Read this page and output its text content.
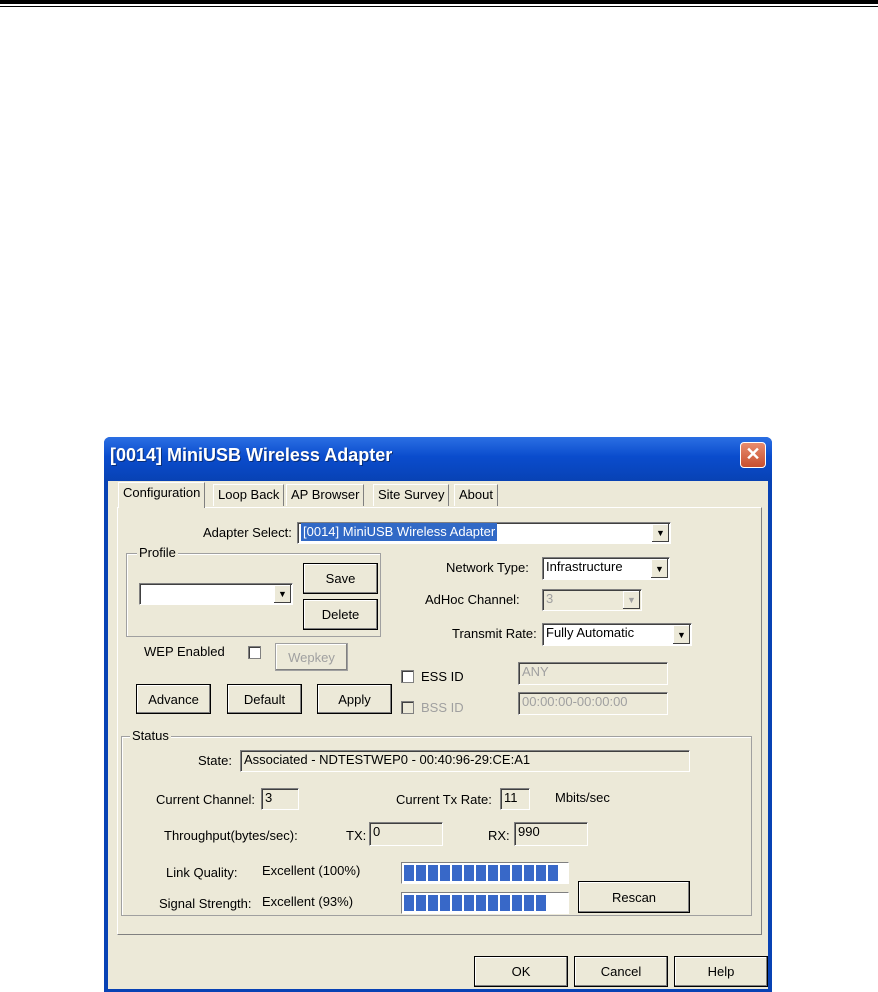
[0014] MiniUSB Wireless Adapter	✕
Configuration	Loop Back AP Browser	Site Survey	About
Adapter Select: [0014] MiniUSB Wireless Adapter	▼
Profile
▼
Save
Delete
Network Type:	Infrastructure	▼
AdHoc Channel:	3	▼
Transmit Rate: Fully Automatic	▼
WEP Enabled	Wepkey
ESS ID	ANY
BSS ID	00:00:00-00:00:00
Advance	Default	Apply
Status
State: Associated - NDTESTWEP0 - 00:40:96-29:CE:A1
Current Channel: 3	Current Tx Rate: 11	Mbits/sec
Throughput(bytes/sec):	TX: 0	RX: 990
Link Quality: Excellent (100%)
Signal Strength: Excellent (93%)	Rescan
OK	Cancel	Help
